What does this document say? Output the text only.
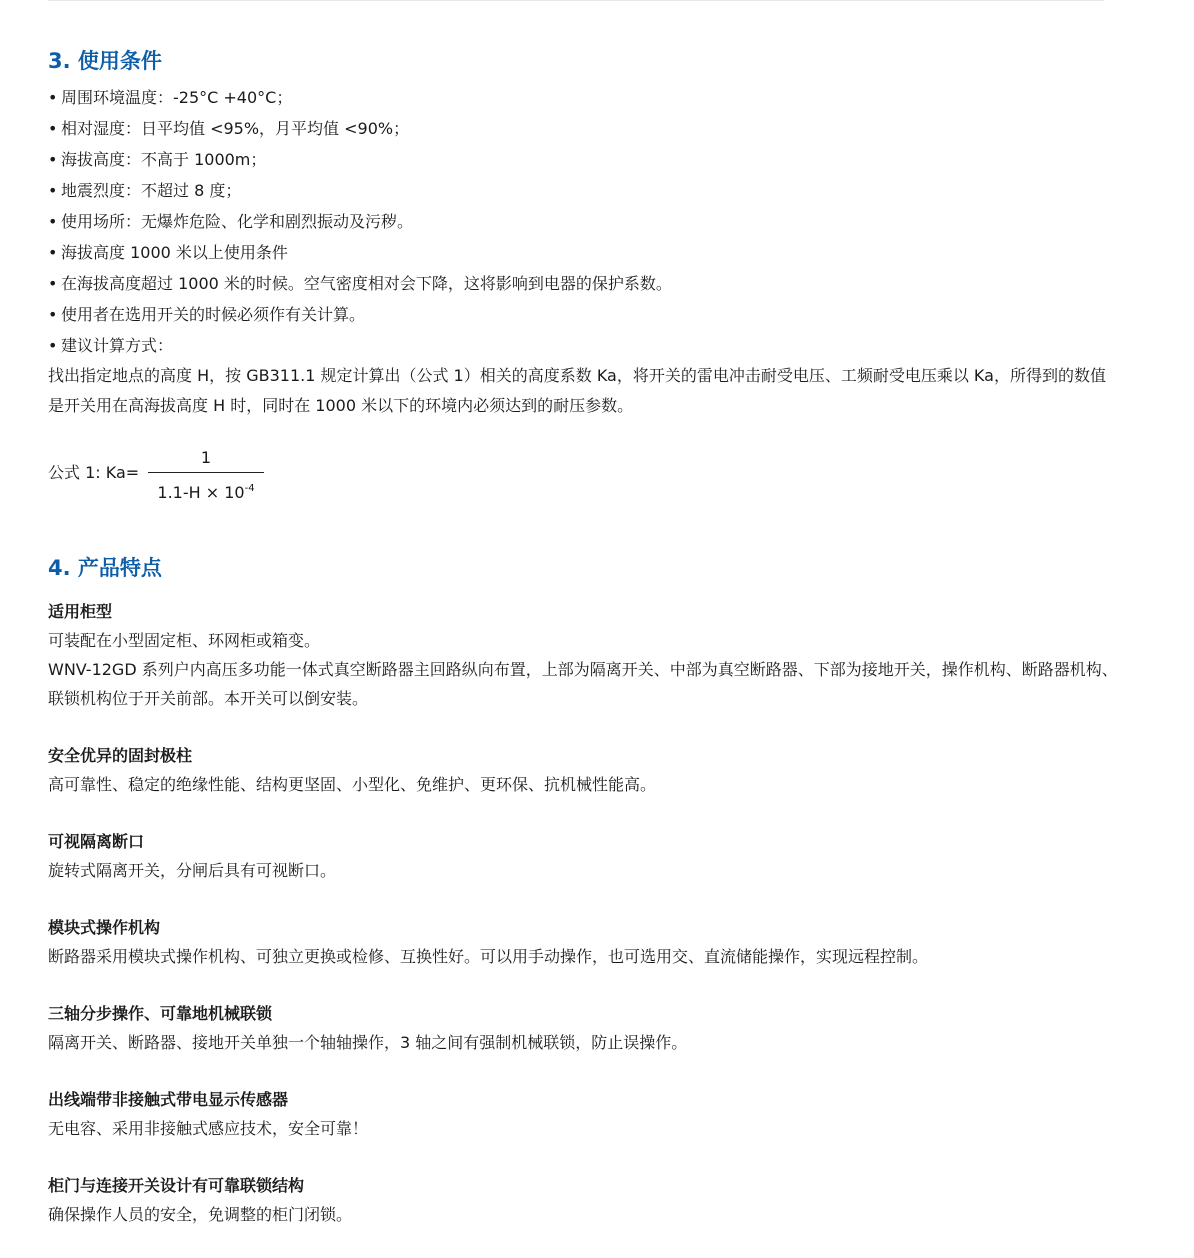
3. 使用条件
• 周围环境温度：-25°C +40°C；
• 相对湿度：日平均值 <95%，月平均值 <90%；
• 海拔高度：不高于 1000m；
• 地震烈度：不超过 8 度；
• 使用场所：无爆炸危险、化学和剧烈振动及污秽。
• 海拔高度 1000 米以上使用条件
• 在海拔高度超过 1000 米的时候。空气密度相对会下降，这将影响到电器的保护系数。
• 使用者在选用开关的时候必须作有关计算。
• 建议计算方式：

找出指定地点的高度 H，按 GB311.1 规定计算出（公式 1）相关的高度系数 Ka，将开关的雷电冲击耐受电压、工频耐受电压乘以 Ka，所得到的数值是开关用在高海拔高度 H 时，同时在 1000 米以下的环境内必须达到的耐压参数。

公式 1: $Ka= \frac{1}{1.1-H \times 10^{-4}}$
4. 产品特点

适用柜型

可装配在小型固定柜、环网柜或箱变。

WNV-12GD 系列户内高压多功能一体式真空断路器主回路纵向布置，上部为隔离开关、中部为真空断路器、下部为接地开关，操作机构、断路器机构、联锁机构位于开关前部。本开关可以倒安装。

安全优异的固封极柱

高可靠性、稳定的绝缘性能、结构更坚固、小型化、免维护、更环保、抗机械性能高。

可视隔离断口

旋转式隔离开关，分闸后具有可视断口。

模块式操作机构

断路器采用模块式操作机构、可独立更换或检修、互换性好。可以用手动操作，也可选用交、直流储能操作，实现远程控制。

三轴分步操作、可靠地机械联锁

隔离开关、断路器、接地开关单独一个轴轴操作，3 轴之间有强制机械联锁，防止误操作。

出线端带非接触式带电显示传感器

无电容、采用非接触式感应技术，安全可靠！

柜门与连接开关设计有可靠联锁结构

确保操作人员的安全，免调整的柜门闭锁。
